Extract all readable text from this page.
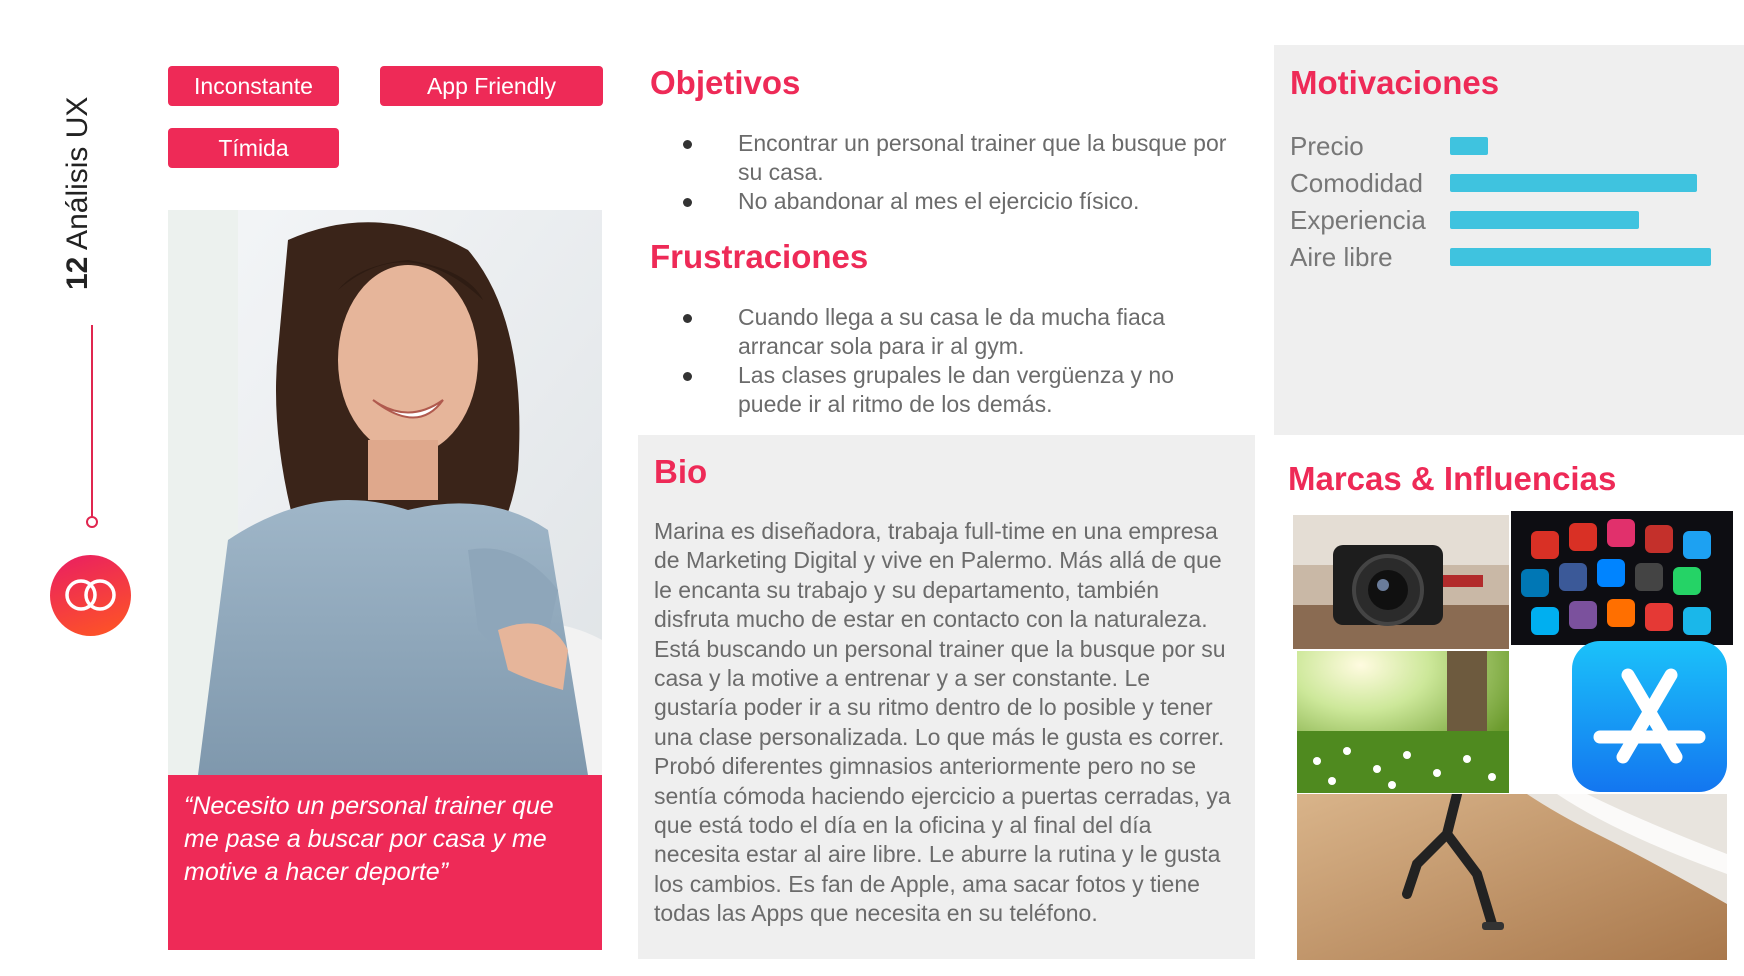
12 Análisis UX
Inconstante	App Friendly
Tímida
“Necesito un personal trainer que me pase a buscar por casa y me motive a hacer deporte”
Objetivos
Encontrar un personal trainer que la busque por su casa.
No abandonar al mes el ejercicio físico.
Frustraciones
Cuando llega a su casa le da mucha fiaca arrancar sola para ir al gym.
Las clases grupales le dan vergüenza y no puede ir al ritmo de los demás.
Bio
Marina es diseñadora, trabaja full-time en una empresa de Marketing Digital y vive en Palermo. Más allá de que le encanta su trabajo y su departamento, también disfruta mucho de estar en contacto con la naturaleza. Está buscando un personal trainer que la busque por su casa y la motive a entrenar y a ser constante. Le gustaría poder ir a su ritmo dentro de lo posible y tener una clase personalizada. Lo que más le gusta es correr. Probó diferentes gimnasios anteriormente pero no se sentía cómoda haciendo ejercicio a puertas cerradas, ya que está todo el día en la oficina y al final del día necesita estar al aire libre. Le aburre la rutina y le gusta los cambios. Es fan de Apple, ama sacar fotos y tiene todas las Apps que necesita en su teléfono.
Motivaciones
Precio
Comodidad
Experiencia
Aire libre
Marcas & Influencias
